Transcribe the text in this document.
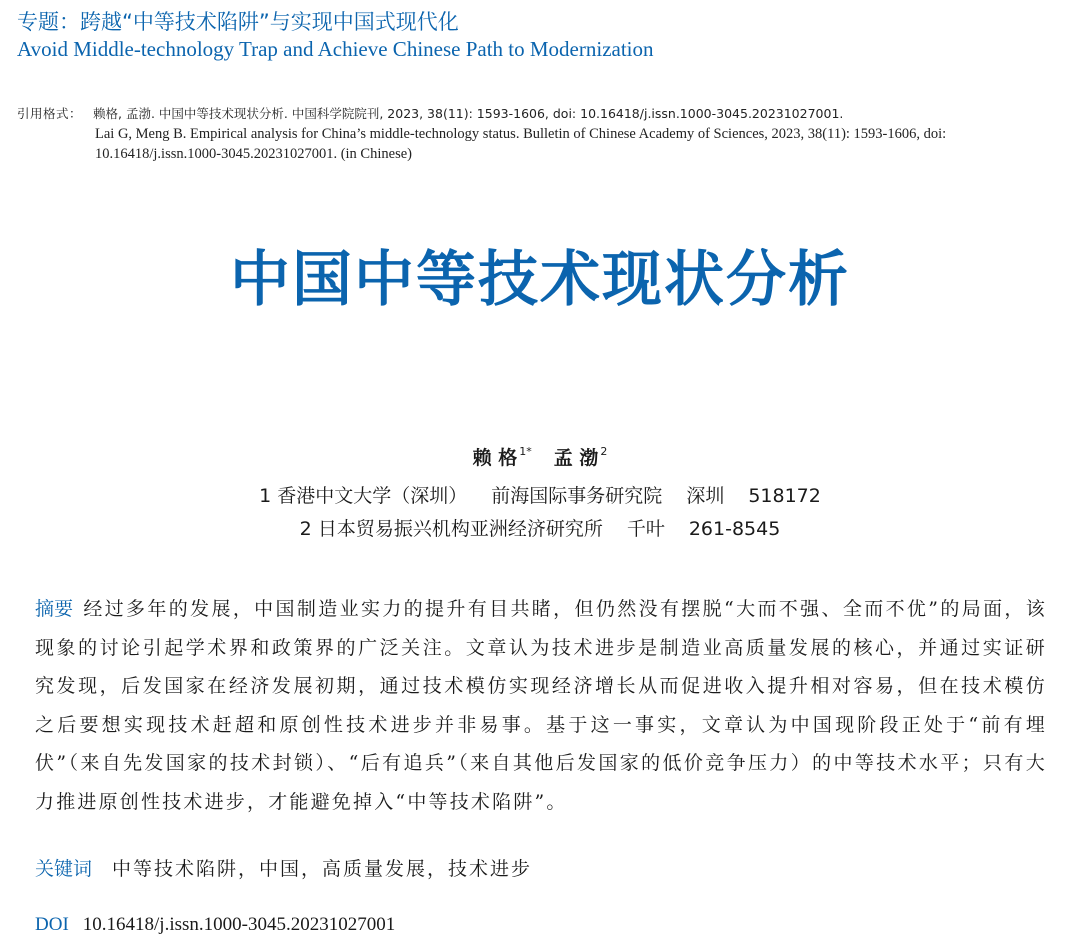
专题：跨越“中等技术陷阱”与实现中国式现代化
Avoid Middle-technology Trap and Achieve Chinese Path to Modernization
引用格式： 赖格, 孟渤. 中国中等技术现状分析. 中国科学院院刊, 2023, 38(11): 1593-1606, doi: 10.16418/j.issn.1000-3045.20231027001.
Lai G, Meng B. Empirical analysis for China’s middle-technology status. Bulletin of Chinese Academy of Sciences, 2023, 38(11): 1593-1606, doi:
10.16418/j.issn.1000-3045.20231027001. (in Chinese)
中国中等技术现状分析
赖 格 $^{1*}$ 孟 渤 $^2$
1 香港中文大学（深圳） 前海国际事务研究院 深圳 518172
2 日本贸易振兴机构亚洲经济研究所 千叶 261-8545
摘要 经过多年的发展，中国制造业实力的提升有目共睹，但仍然没有摆脱“大而不强、全而不优”的局面，该现象的讨论引起学术界和政策界的广泛关注。文章认为技术进步是制造业高质量发展的核心，并通过实证研究发现，后发国家在经济发展初期，通过技术模仿实现经济增长从而促进收入提升相对容易，但在技术模仿之后要想实现技术赶超和原创性技术进步并非易事。基于这一事实，文章认为中国现阶段正处于“前有埋伏”（来自先发国家的技术封锁）、“后有追兵”（来自其他后发国家的低价竞争压力）的中等技术水平；只有大力推进原创性技术进步，才能避免掉入“中等技术陷阱”。
关键词 中等技术陷阱，中国，高质量发展，技术进步
DOI 10.16418/j.issn.1000-3045.20231027001
